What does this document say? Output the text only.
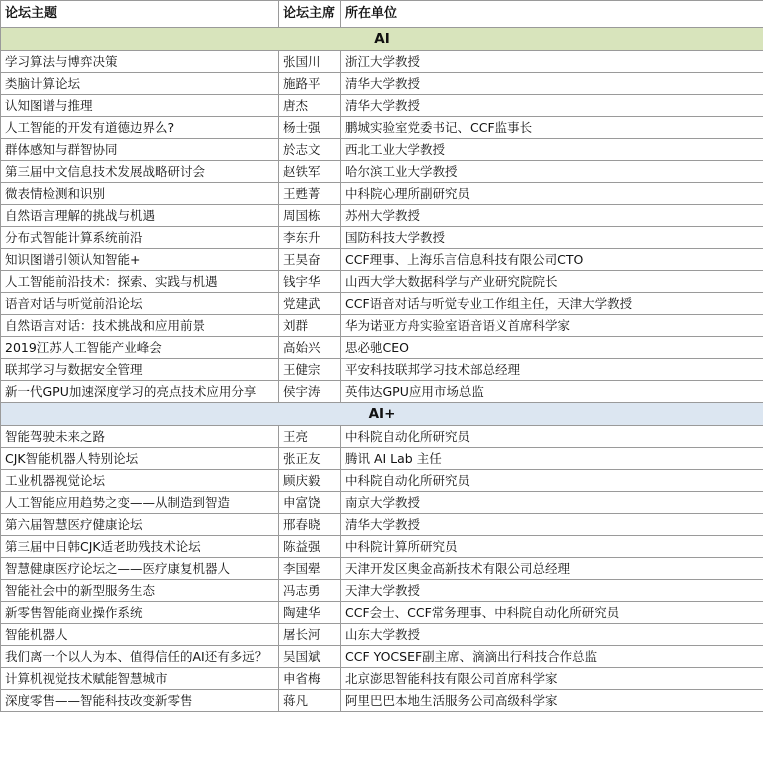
论坛主题	论坛主席	所在单位
AI		
学习算法与博弈决策	张国川	浙江大学教授
类脑计算论坛	施路平	清华大学教授
认知图谱与推理	唐杰	清华大学教授
人工智能的开发有道德边界么?	杨士强	鹏城实验室党委书记、CCF监事长
群体感知与群智协同	於志文	西北工业大学教授
第三届中文信息技术发展战略研讨会	赵铁军	哈尔滨工业大学教授
微表情检测和识别	王甦菁	中科院心理所副研究员
自然语言理解的挑战与机遇	周国栋	苏州大学教授
分布式智能计算系统前沿	李东升	国防科技大学教授
知识图谱引领认知智能+	王昊奋	CCF理事、上海乐言信息科技有限公司CTO
人工智能前沿技术：探索、实践与机遇	钱宇华	山西大学大数据科学与产业研究院院长
语音对话与听觉前沿论坛	党建武	CCF语音对话与听觉专业工作组主任，天津大学教授
自然语言对话：技术挑战和应用前景	刘群	华为诺亚方舟实验室语音语义首席科学家
2019江苏人工智能产业峰会	高始兴	思必驰CEO
联邦学习与数据安全管理	王健宗	平安科技联邦学习技术部总经理
新一代GPU加速深度学习的亮点技术应用分享	侯宇涛	英伟达GPU应用市场总监
AI+		
智能驾驶未来之路	王亮	中科院自动化所研究员
CJK智能机器人特别论坛	张正友	腾讯 AI Lab 主任
工业机器视觉论坛	顾庆毅	中科院自动化所研究员
人工智能应用趋势之变——从制造到智造	申富饶	南京大学教授
第六届智慧医疗健康论坛	邢春晓	清华大学教授
第三届中日韩CJK适老助残技术论坛	陈益强	中科院计算所研究员
智慧健康医疗论坛之——医疗康复机器人	李国翚	天津开发区奥金高新技术有限公司总经理
智能社会中的新型服务生态	冯志勇	天津大学教授
新零售智能商业操作系统	陶建华	CCF会士、CCF常务理事、中科院自动化所研究员
智能机器人	屠长河	山东大学教授
我们离一个以人为本、值得信任的AI还有多远？	吴国斌	CCF YOCSEF副主席、滴滴出行科技合作总监
计算机视觉技术赋能智慧城市	申省梅	北京澎思智能科技有限公司首席科学家
深度零售——智能科技改变新零售	蒋凡	阿里巴巴本地生活服务公司高级科学家
